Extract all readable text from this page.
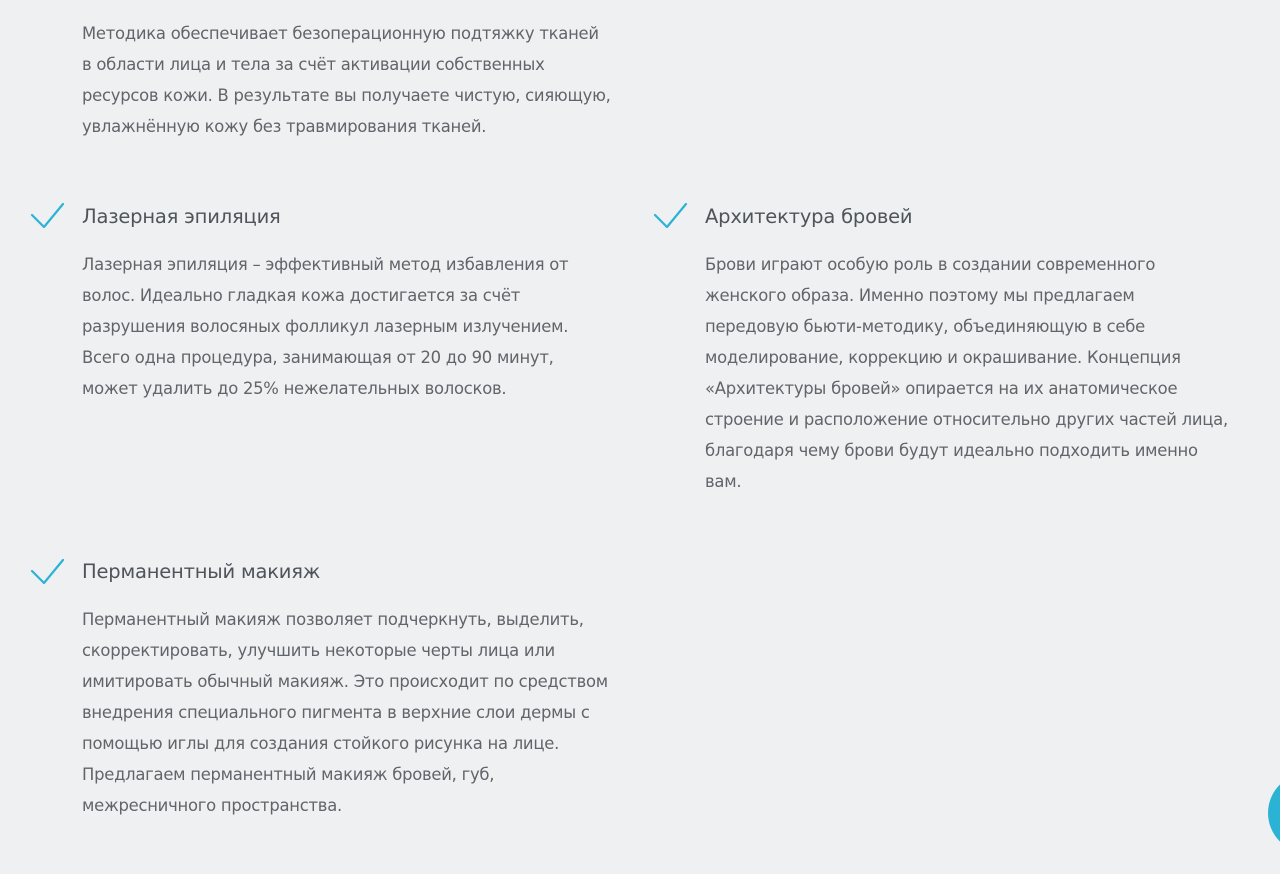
Методика обеспечивает безоперационную подтяжку тканей
в области лица и тела за счёт активации собственных
ресурсов кожи. В результате вы получаете чистую, сияющую,
увлажнённую кожу без травмирования тканей.
Лазерная эпиляция
Лазерная эпиляция – эффективный метод избавления от
волос. Идеально гладкая кожа достигается за счёт
разрушения волосяных фолликул лазерным излучением.
Всего одна процедура, занимающая от 20 до 90 минут,
может удалить до 25% нежелательных волосков.
Архитектура бровей
Брови играют особую роль в создании современного
женского образа. Именно поэтому мы предлагаем
передовую бьюти-методику, объединяющую в себе
моделирование, коррекцию и окрашивание. Концепция
«Архитектуры бровей» опирается на их анатомическое
строение и расположение относительно других частей лица,
благодаря чему брови будут идеально подходить именно
вам.
Перманентный макияж
Перманентный макияж позволяет подчеркнуть, выделить,
скорректировать, улучшить некоторые черты лица или
имитировать обычный макияж. Это происходит по средством
внедрения специального пигмента в верхние слои дермы с
помощью иглы для создания стойкого рисунка на лице.
Предлагаем перманентный макияж бровей, губ,
межресничного пространства.
